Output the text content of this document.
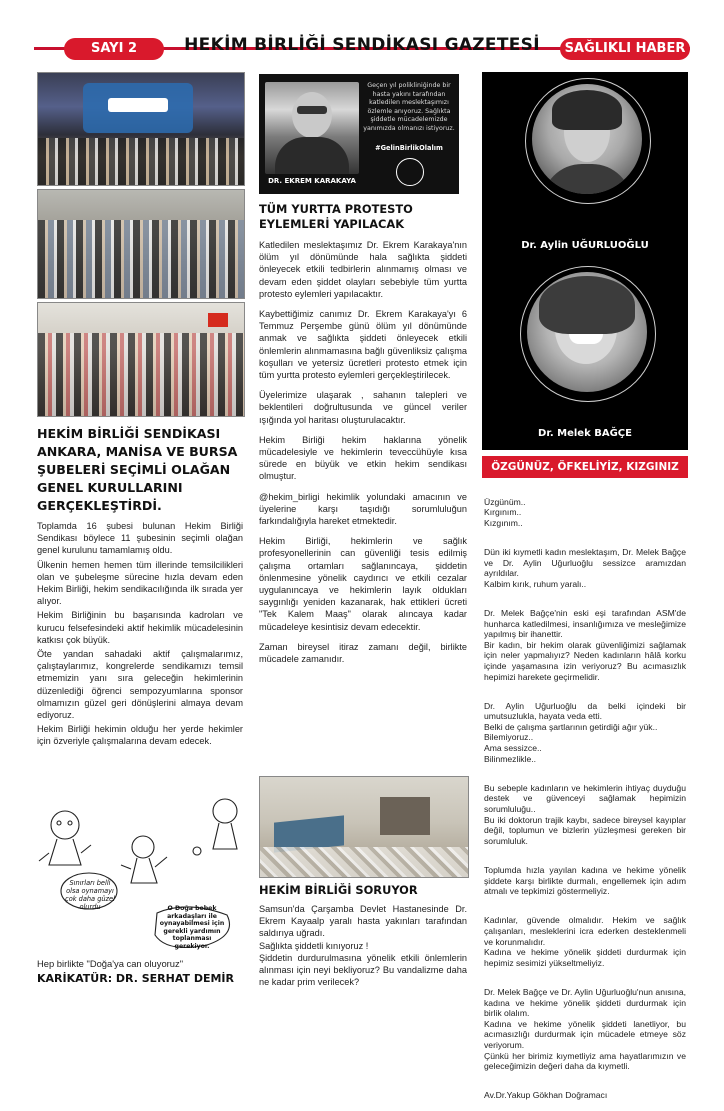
SAYI 2	HEKİM BİRLİĞİ SENDİKASI GAZETESİ	SAĞLIKLI HABER
HEKİM BİRLİĞİ SENDİKASI ANKARA, MANİSA VE BURSA ŞUBELERİ SEÇİMLİ OLAĞAN GENEL KURULLARINI GERÇEKLEŞTİRDİ.

Toplamda 16 şubesi bulunan Hekim Birliği Sendikası böylece 11 şubesinin seçimli olağan genel kurulunu tamamlamış oldu.

Ülkenin hemen hemen tüm illerinde temsilcilikleri olan ve şubeleşme sürecine hızla devam eden Hekim Birliği, hekim sendikacılığında ilk sırada yer alıyor.

Hekim Birliğinin bu başarısında kadroları ve kurucu felsefesindeki aktif hekimlik mücadelesinin katkısı çok büyük.

Öte yandan sahadaki aktif çalışmalarımız, çalıştaylarımız, kongrelerde sendikamızı temsil etmemizin yanı sıra geleceğin hekimlerinin düzenlediği öğrenci sempozyumlarına sponsor olmamızın güzel geri dönüşlerini almaya devam ediyoruz.

Hekim Birliği hekimin olduğu her yerde hekimler için özveriyle çalışmalarına devam edecek.

Sınırları belli olsa oynamayı çok daha güzel olurdu	O Doğa bebek arkadaşları ile oynayabilmesi için gerekli yardımın toplanması gerekiyor.
Hep birlikte "Doğa'ya can oluyoruz"
KARİKATÜR: DR. SERHAT DEMİR
DR. EKREM KARAKAYA
Geçen yıl polikliniğinde bir hasta yakını tarafından katledilen meslektaşımızı özlemle anıyoruz. Sağlıkta şiddetle mücadelemizde yanımızda olmanızı istiyoruz.
#GelinBirlikOlalım
TÜM YURTTA PROTESTO EYLEMLERİ YAPILACAK

Katledilen meslektaşımız Dr. Ekrem Karakaya'nın ölüm yıl dönümünde hala sağlıkta şiddeti önleyecek etkili tedbirlerin alınmamış olması ve devam eden şiddet olayları sebebiyle tüm yurtta protesto eylemleri yapılacaktır.

Kaybettiğimiz canımız Dr. Ekrem Karakaya'yı 6 Temmuz Perşembe günü ölüm yıl dönümünde anmak ve sağlıkta şiddeti önleyecek etkili önlemlerin alınmamasına bağlı güvenliksiz çalışma koşulları ve yetersiz ücretleri protesto etmek için tüm yurtta protesto eylemleri gerçekleştirilecek.

Üyelerimize ulaşarak , sahanın talepleri ve beklentileri doğrultusunda ve güncel veriler ışığında yol haritası oluşturulacaktır.

Hekim Birliği hekim haklarına yönelik mücadelesiyle ve hekimlerin teveccühüyle kısa sürede en büyük ve etkin hekim sendikası olmuştur.

@hekim_birligi hekimlik yolundaki amacının ve üyelerine karşı taşıdığı sorumluluğun farkındalığıyla hareket etmektedir.

Hekim Birliği, hekimlerin ve sağlık profesyonellerinin can güvenliği tesis edilmiş çalışma ortamları sağlanıncaya, şiddetin önlenmesine yönelik caydırıcı ve etkili cezalar uygulanıncaya ve hekimlerin layık oldukları saygınlığı yeniden kazanarak, hak ettikleri ücreti "Tek Kalem Maaş" olarak alıncaya kadar mücadeleye kesintisiz devam edecektir.

Zaman bireysel itiraz zamanı değil, birlikte mücadele zamanıdır.

HEKİM BİRLİĞİ SORUYOR

Samsun'da Çarşamba Devlet Hastanesinde Dr. Ekrem Kayaalp yaralı hasta yakınları tarafından saldırıya uğradı.

Sağlıkta şiddetli kınıyoruz !

Şiddetin durdurulmasına yönelik etkili önlemlerin alınması için neyi bekliyoruz? Bu vandalizme daha ne kadar prim verilecek?

Dr. Aylin UĞURLUOĞLU
Dr. Melek BAĞÇE
ÖZGÜNÜZ, ÖFKELİYİZ, KIZGINIZ

Üzgünüm..
Kırgınım..
Kızgınım..

Dün iki kıymetli kadın meslektaşım, Dr. Melek Bağçe ve Dr. Aylin Uğurluoğlu sessizce aramızdan ayrıldılar.
Kalbim kırık, ruhum yaralı..

Dr. Melek Bağçe'nin eski eşi tarafından ASM'de hunharca katledilmesi, insanlığımıza ve mesleğimize yapılmış bir ihanettir.
Bir kadın, bir hekim olarak güvenliğimizi sağlamak için neler yapmalıyız? Neden kadınların hâlâ korku içinde yaşamasına izin veriyoruz? Bu acımasızlık hepimizi harekete geçirmelidir.

Dr. Aylin Uğurluoğlu da belki içindeki bir umutsuzlukla, hayata veda etti.
Belki de çalışma şartlarının getirdiği ağır yük..
Bilemiyoruz..
Ama sessizce..
Bilinmezlikle..

Bu sebeple kadınların ve hekimlerin ihtiyaç duyduğu destek ve güvenceyi sağlamak hepimizin sorumluluğu..
Bu iki doktorun trajik kaybı, sadece bireysel kayıplar değil, toplumun ve bizlerin yüzleşmesi gereken bir sorumluluk.

Toplumda hızla yayılan kadına ve hekime yönelik şiddete karşı birlikte durmalı, engellemek için adım atmalı ve tepkimizi göstermeliyiz.

Kadınlar, güvende olmalıdır. Hekim ve sağlık çalışanları, mesleklerini icra ederken desteklenmeli ve korunmalıdır.
Kadına ve hekime yönelik şiddeti durdurmak için hepimiz sesimizi yükseltmeliyiz.

Dr. Melek Bağçe ve Dr. Aylin Uğurluoğlu'nun anısına, kadına ve hekime yönelik şiddeti durdurmak için birlik olalım.
Kadına ve hekime yönelik şiddeti lanetliyor, bu acımasızlığı durdurmak için mücadele etmeye söz veriyorum.
Çünkü her birimiz kıymetliyiz ama hayatlarımızın ve geleceğimizin değeri daha da kıymetli.

Av.Dr.Yakup Gökhan Doğramacı
